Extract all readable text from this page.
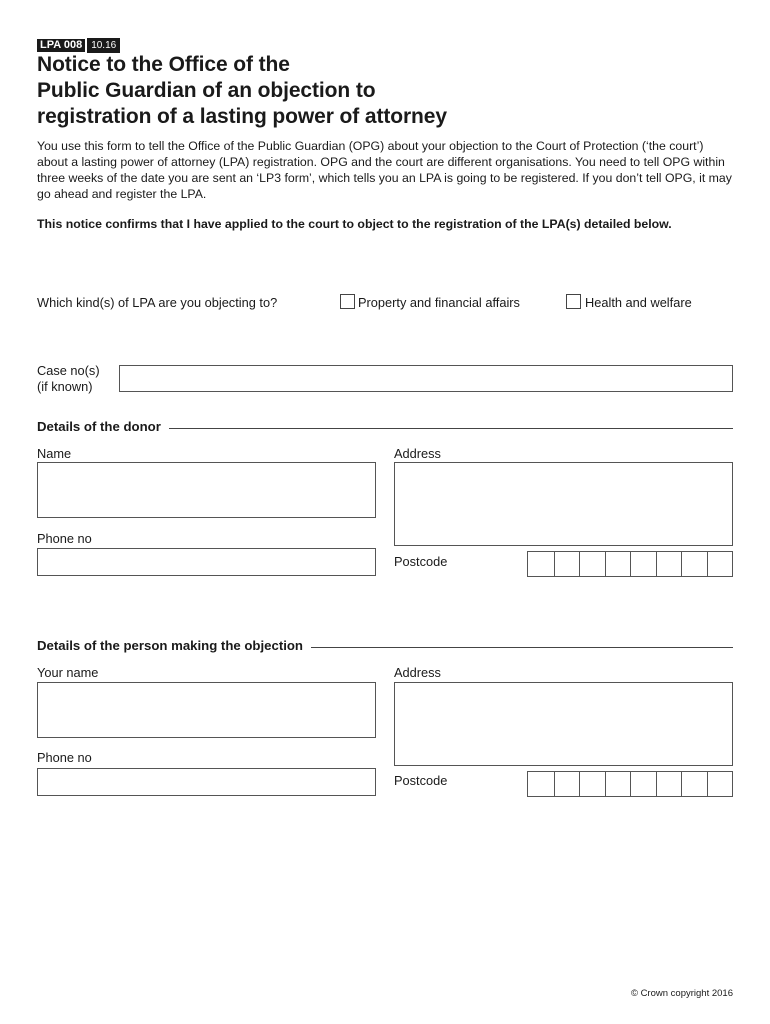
LPA 008 10.16
Notice to the Office of the
Public Guardian of an objection to
registration of a lasting power of attorney
You use this form to tell the Office of the Public Guardian (OPG) about your objection to the Court of Protection (‘the court’) about a lasting power of attorney (LPA) registration. OPG and the court are different organisations. You need to tell OPG within three weeks of the date you are sent an ‘LP3 form’, which tells you an LPA is going to be registered. If you don’t tell OPG, it may go ahead and register the LPA.
This notice confirms that I have applied to the court to object to the registration of the LPA(s) detailed below.
Which kind(s) of LPA are you objecting to?	Property and financial affairs	Health and welfare
Case no(s)
(if known)
Details of the donor
Name	Address
Phone no
Postcode
Details of the person making the objection
Your name	Address
Phone no
Postcode
© Crown copyright 2016
